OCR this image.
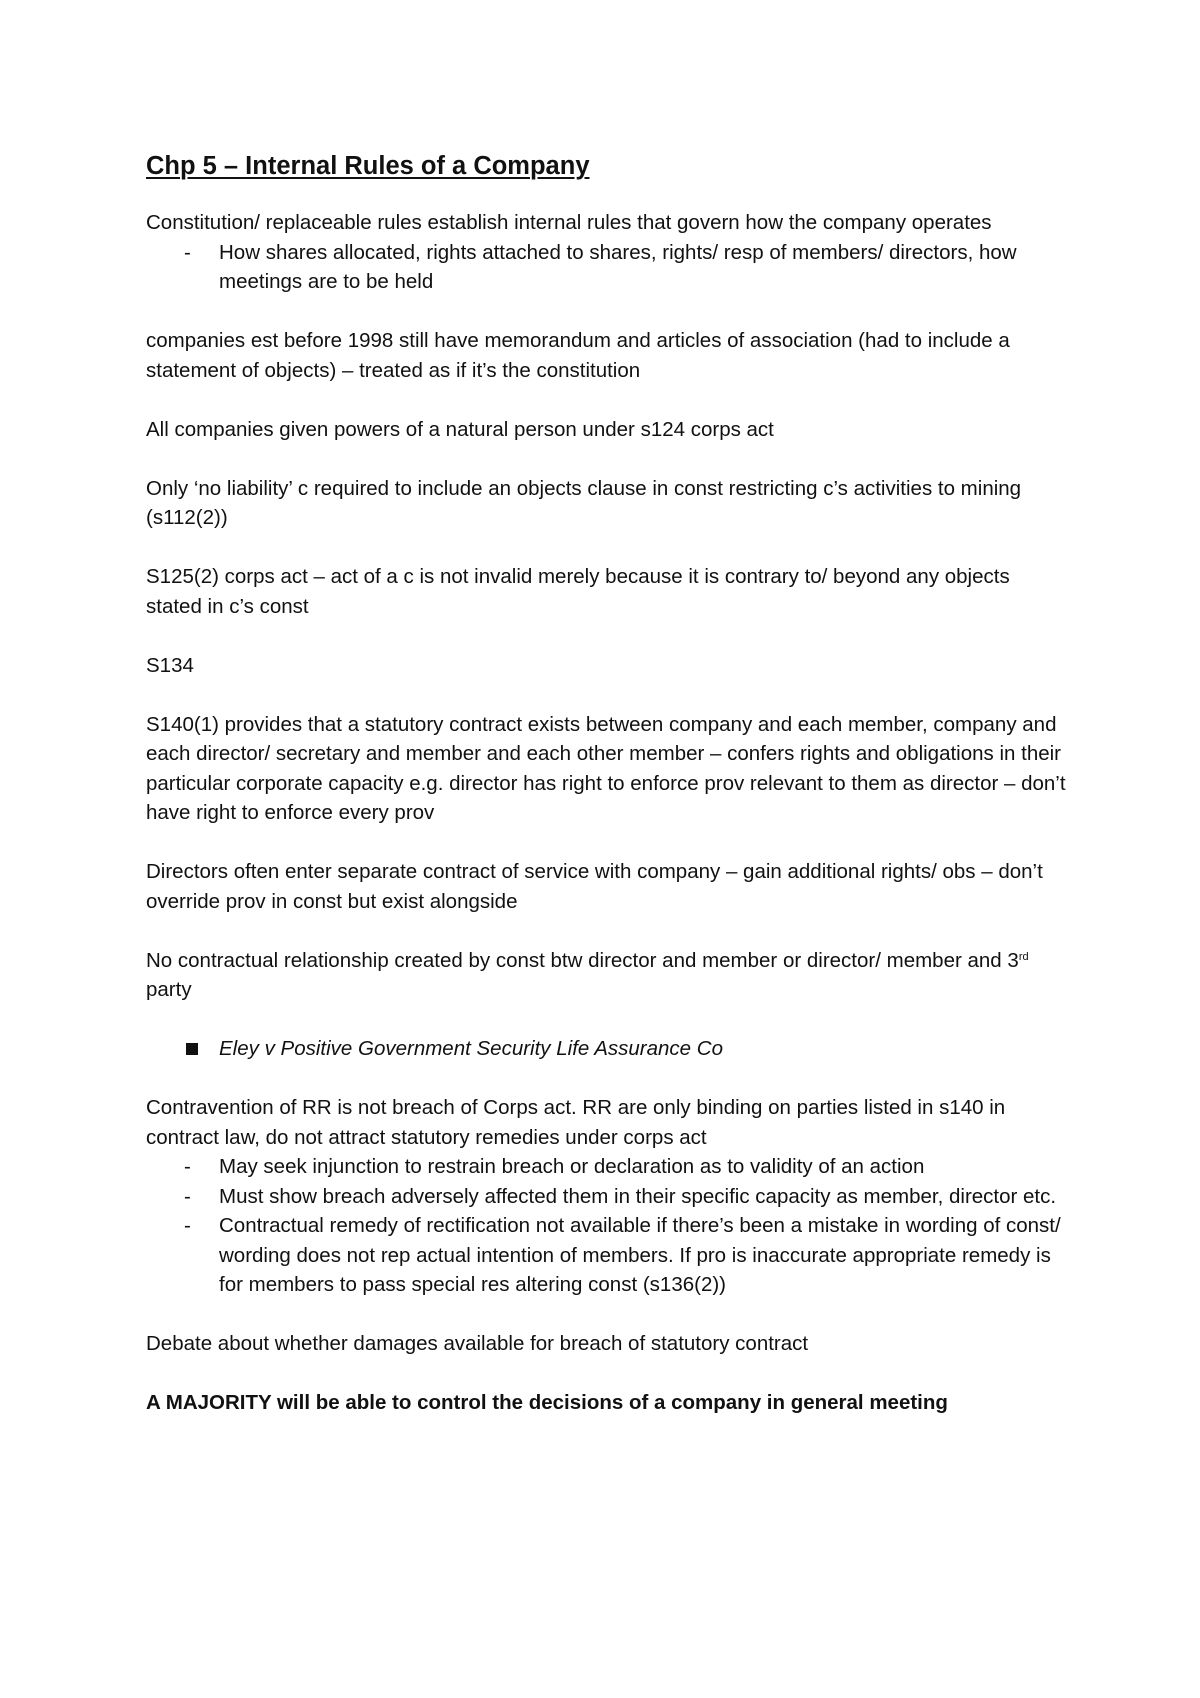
Chp 5 – Internal Rules of a Company

Constitution/ replaceable rules establish internal rules that govern how the company operates

- How shares allocated, rights attached to shares, rights/ resp of members/ directors, how meetings are to be held

companies est before 1998 still have memorandum and articles of association (had to include a statement of objects) – treated as if it’s the constitution

All companies given powers of a natural person under s124 corps act

Only ‘no liability’ c required to include an objects clause in const restricting c’s activities to mining (s112(2))

S125(2) corps act – act of a c is not invalid merely because it is contrary to/ beyond any objects stated in c’s const

S134

S140(1) provides that a statutory contract exists between company and each member, company and each director/ secretary and member and each other member – confers rights and obligations in their particular corporate capacity e.g. director has right to enforce prov relevant to them as director – don’t have right to enforce every prov

Directors often enter separate contract of service with company – gain additional rights/ obs – don’t override prov in const but exist alongside

No contractual relationship created by const btw director and member or director/ member and 3rd party

Eley v Positive Government Security Life Assurance Co

Contravention of RR is not breach of Corps act. RR are only binding on parties listed in s140 in contract law, do not attract statutory remedies under corps act

- May seek injunction to restrain breach or declaration as to validity of an action
- Must show breach adversely affected them in their specific capacity as member, director etc.
- Contractual remedy of rectification not available if there’s been a mistake in wording of const/ wording does not rep actual intention of members. If pro is inaccurate appropriate remedy is for members to pass special res altering const (s136(2))

Debate about whether damages available for breach of statutory contract

A MAJORITY will be able to control the decisions of a company in general meeting
